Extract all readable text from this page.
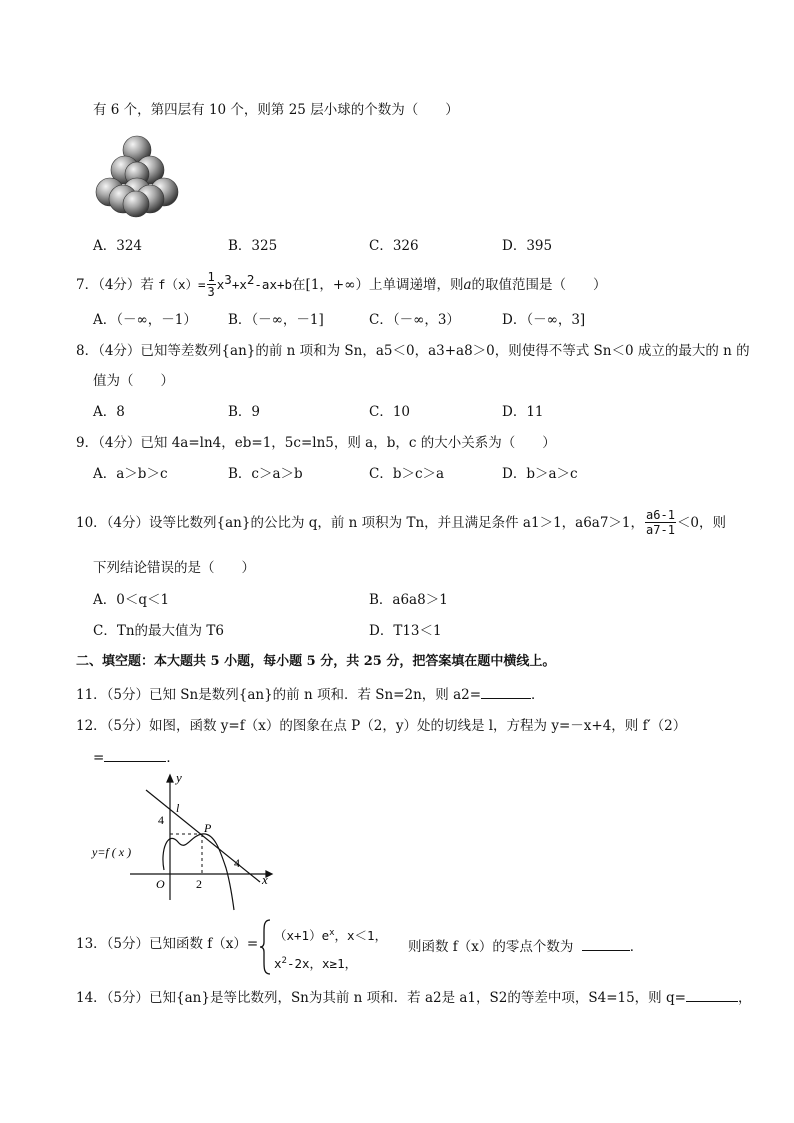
有 6 个，第四层有 10 个，则第 25 层小球的个数为（　　）
A．324	B．325	C．326	D．395
7．（4分）若 $f(x)= \frac{1}{3}$ x 3 +x 2 -ax+b 在[1，+∞）上单调递增，则 a 的取值范围是（　　）
A．（－∞，－1） B．（－∞，－1]	C．（－∞，3）	D．（－∞，3]
8．（4分）已知等差数列{an}的前 n 项和为 Sn，a5＜0，a3+a8＞0，则使得不等式 Sn＜0 成立的最大的 n 的
值为（　　）
A．8	B．9	C．10	D．11
9．（4分）已知 4a=ln4，eb=1，5c=ln5，则 a，b，c 的大小关系为（　　）
A．a＞b＞c	B．c＞a＞b	C．b＞c＞a	D．b＞a＞c
10．（4分）设等比数列{an}的公比为 q，前 n 项积为 Tn，并且满足条件 a1＞1，a6a7＞1， $\frac{a6-1}{a7-1} <0$，则
下列结论错误的是（　　）
A．0＜q＜1	B．a6a8＞1
C．Tn的最大值为 T6	D．T13＜1
二、填空题：本大题共 5 小题，每小题 5 分，共 25 分，把答案填在题中横线上。
11．（5分）已知 Sn是数列{an}的前 n 项和．若 Sn=2n，则 a2=	．
12．（5分）如图，函数 y=f（x）的图象在点 P（2，y）处的切线是 l，方程为 y=－x+4，则 f′（2）
=	．
y
x
O
4
2
4
P
l
y=f ( x )
13．（5分）已知函数 f（x）=
$(x+1)e^x$，x＜1，
$x^2-2x$，x≥1，
则函数 f（x）的零点个数为	．
14．（5分）已知{an}是等比数列，Sn为其前 n 项和．若 a2是 a1，S2的等差中项，S4=15，则 q=	，
